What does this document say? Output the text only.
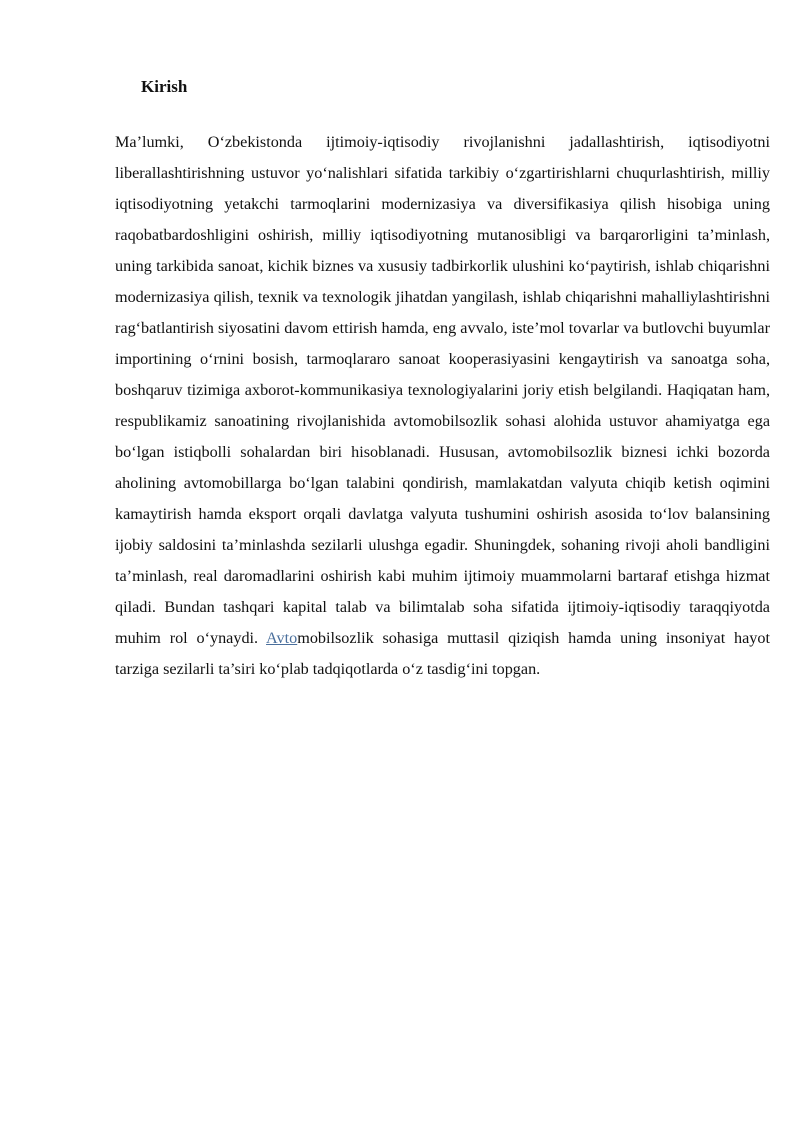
Kirish

Ma’lumki, O‘zbekistonda ijtimoiy-iqtisodiy rivojlanishni jadallashtirish, iqtisodiyotni liberallashtirishning ustuvor yo‘nalishlari sifatida tarkibiy o‘zgartirishlarni chuqurlashtirish, milliy iqtisodiyotning yetakchi tarmoqlarini modernizasiya va diversifikasiya qilish hisobiga uning raqobatbardoshligini oshirish, milliy iqtisodiyotning mutanosibligi va barqarorligini ta’minlash, uning tarkibida sanoat, kichik biznes va xususiy tadbirkorlik ulushini ko‘paytirish, ishlab chiqarishni modernizasiya qilish, texnik va texnologik jihatdan yangilash, ishlab chiqarishni mahalliylashtirishni rag‘batlantirish siyosatini davom ettirish hamda, eng avvalo, iste’mol tovarlar va butlovchi buyumlar importining o‘rnini bosish, tarmoqlararo sanoat kooperasiyasini kengaytirish va sanoatga soha, boshqaruv tizimiga axborot-kommunikasiya texnologiyalarini joriy etish belgilandi. Haqiqatan ham, respublikamiz sanoatining rivojlanishida avtomobilsozlik sohasi alohida ustuvor ahamiyatga ega bo‘lgan istiqbolli sohalardan biri hisoblanadi. Hususan, avtomobilsozlik biznesi ichki bozorda aholining avtomobillarga bo‘lgan talabini qondirish, mamlakatdan valyuta chiqib ketish oqimini kamaytirish hamda eksport orqali davlatga valyuta tushumini oshirish asosida to‘lov balansining ijobiy saldosini ta’minlashda sezilarli ulushga egadir. Shuningdek, sohaning rivoji aholi bandligini ta’minlash, real daromadlarini oshirish kabi muhim ijtimoiy muammolarni bartaraf etishga hizmat qiladi. Bundan tashqari kapital talab va bilimtalab soha sifatida ijtimoiy-iqtisodiy taraqqiyotda muhim rol o‘ynaydi. Avtomobilsozlik sohasiga muttasil qiziqish hamda uning insoniyat hayot tarziga sezilarli ta’siri ko‘plab tadqiqotlarda o‘z tasdig‘ini topgan.
